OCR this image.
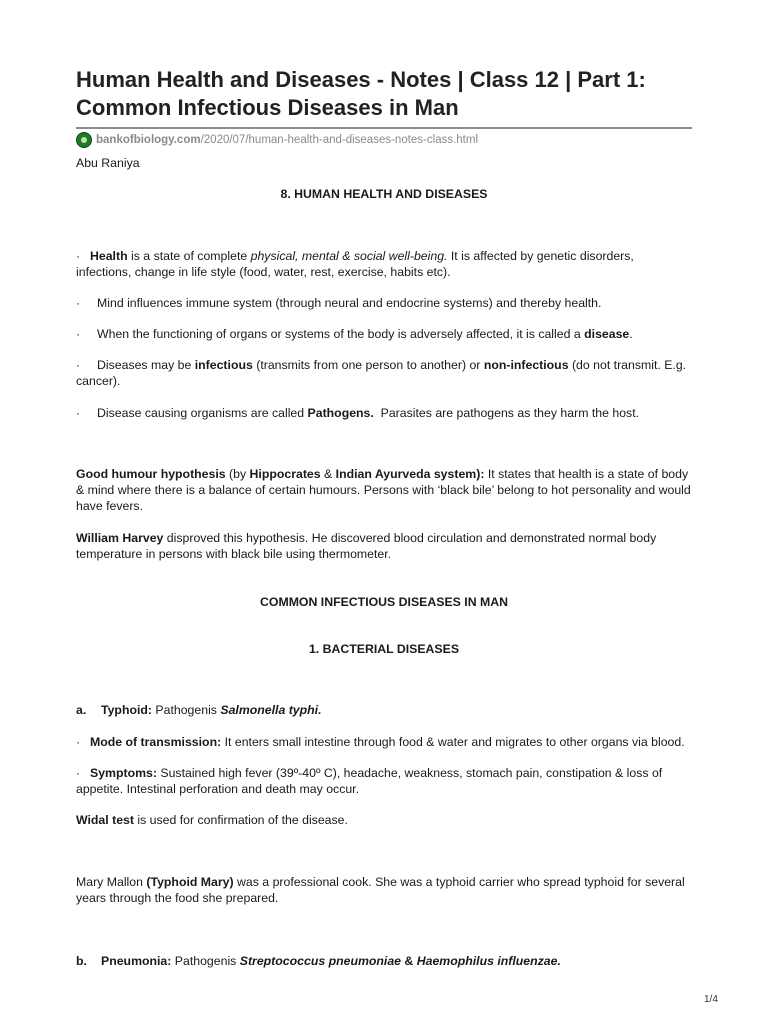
Human Health and Diseases - Notes | Class 12 | Part 1: Common Infectious Diseases in Man
bankofbiology.com /2020/07/human-health-and-diseases-notes-class.html
Abu Raniya
8. HUMAN HEALTH AND DISEASES

· Health is a state of complete physical, mental & social well-being. It is affected by genetic disorders, infections, change in life style (food, water, rest, exercise, habits etc).

· Mind influences immune system (through neural and endocrine systems) and thereby health.

· When the functioning of organs or systems of the body is adversely affected, it is called a disease.

· Diseases may be infectious (transmits from one person to another) or non-infectious (do not transmit. E.g. cancer).

· Disease causing organisms are called Pathogens.  Parasites are pathogens as they harm the host.

Good humour hypothesis (by Hippocrates & Indian Ayurveda system): It states that health is a state of body & mind where there is a balance of certain humours. Persons with ‘black bile’ belong to hot personality and would have fevers.

William Harvey disproved this hypothesis. He discovered blood circulation and demonstrated normal body temperature in persons with black bile using thermometer.

COMMON INFECTIOUS DISEASES IN MAN
1. BACTERIAL DISEASES

a. Typhoid: Pathogenis Salmonella typhi.

· Mode of transmission: It enters small intestine through food & water and migrates to other organs via blood.

· Symptoms: Sustained high fever (39º-40º C), headache, weakness, stomach pain, constipation & loss of appetite. Intestinal perforation and death may occur.

Widal test is used for confirmation of the disease.

Mary Mallon (Typhoid Mary) was a professional cook. She was a typhoid carrier who spread typhoid for several years through the food she prepared.

b. Pneumonia: Pathogenis Streptococcus pneumoniae & Haemophilus influenzae.

1/4
